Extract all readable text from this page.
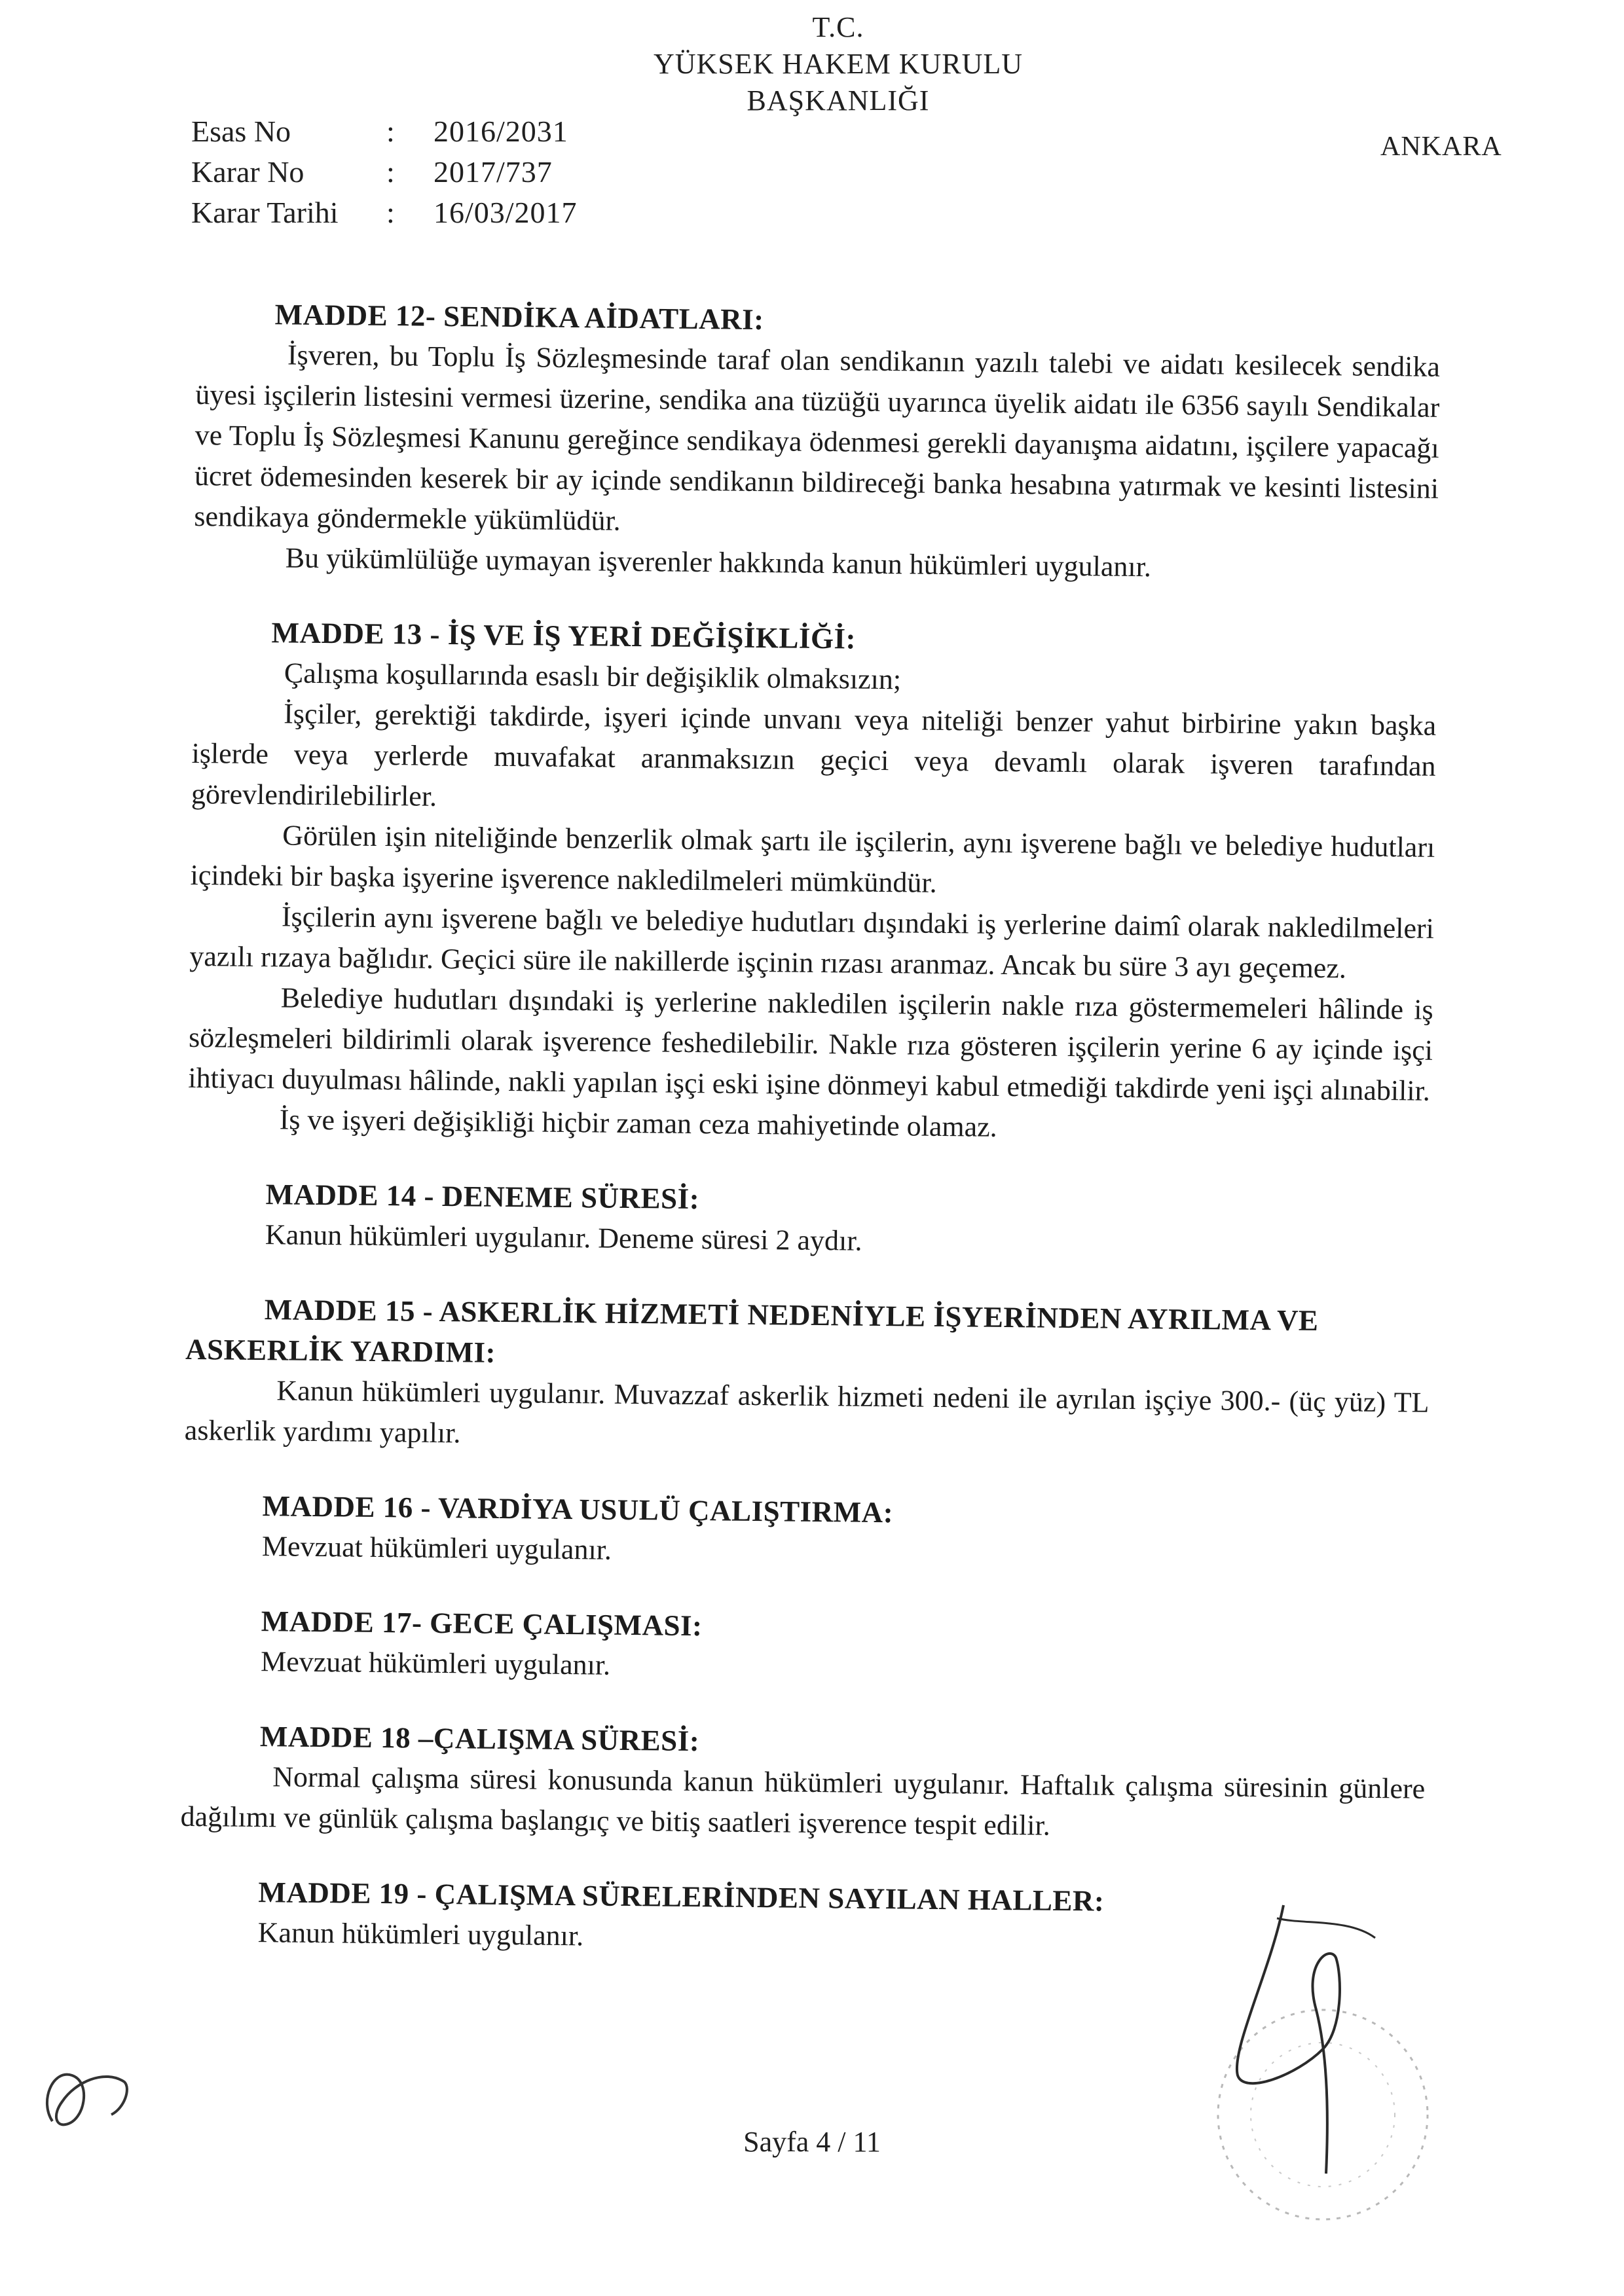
T.C.
YÜKSEK HAKEM KURULU
BAŞKANLIĞI
Esas No	:	2016/2031
Karar No	:	2017/737
Karar Tarihi	:	16/03/2017
ANKARA

MADDE 12- SENDİKA AİDATLARI:

İşveren, bu Toplu İş Sözleşmesinde taraf olan sendikanın yazılı talebi ve aidatı kesilecek sendika üyesi işçilerin listesini vermesi üzerine, sendika ana tüzüğü uyarınca üyelik aidatı ile 6356 sayılı Sendikalar ve Toplu İş Sözleşmesi Kanunu gereğince sendikaya ödenmesi gerekli dayanışma aidatını, işçilere yapacağı ücret ödemesinden keserek bir ay içinde sendikanın bildireceği banka hesabına yatırmak ve kesinti listesini sendikaya göndermekle yükümlüdür.

Bu yükümlülüğe uymayan işverenler hakkında kanun hükümleri uygulanır.

MADDE 13 - İŞ VE İŞ YERİ DEĞİŞİKLİĞİ:

Çalışma koşullarında esaslı bir değişiklik olmaksızın;

İşçiler, gerektiği takdirde, işyeri içinde unvanı veya niteliği benzer yahut birbirine yakın başka işlerde veya yerlerde muvafakat aranmaksızın geçici veya devamlı olarak işveren tarafından görevlendirilebilirler.

Görülen işin niteliğinde benzerlik olmak şartı ile işçilerin, aynı işverene bağlı ve belediye hudutları içindeki bir başka işyerine işverence nakledilmeleri mümkündür.

İşçilerin aynı işverene bağlı ve belediye hudutları dışındaki iş yerlerine daimî olarak nakledilmeleri yazılı rızaya bağlıdır. Geçici süre ile nakillerde işçinin rızası aranmaz. Ancak bu süre 3 ayı geçemez.

Belediye hudutları dışındaki iş yerlerine nakledilen işçilerin nakle rıza göstermemeleri hâlinde iş sözleşmeleri bildirimli olarak işverence feshedilebilir. Nakle rıza gösteren işçilerin yerine 6 ay içinde işçi ihtiyacı duyulması hâlinde, nakli yapılan işçi eski işine dönmeyi kabul etmediği takdirde yeni işçi alınabilir.

İş ve işyeri değişikliği hiçbir zaman ceza mahiyetinde olamaz.

MADDE 14 - DENEME SÜRESİ:

Kanun hükümleri uygulanır. Deneme süresi 2 aydır.

MADDE 15 - ASKERLİK HİZMETİ NEDENİYLE İŞYERİNDEN AYRILMA VE ASKERLİK YARDIMI:

Kanun hükümleri uygulanır. Muvazzaf askerlik hizmeti nedeni ile ayrılan işçiye 300.- (üç yüz) TL askerlik yardımı yapılır.

MADDE 16 - VARDİYA USULÜ ÇALIŞTIRMA:

Mevzuat hükümleri uygulanır.

MADDE 17- GECE ÇALIŞMASI:

Mevzuat hükümleri uygulanır.

MADDE 18 –ÇALIŞMA SÜRESİ:

Normal çalışma süresi konusunda kanun hükümleri uygulanır. Haftalık çalışma süresinin günlere dağılımı ve günlük çalışma başlangıç ve bitiş saatleri işverence tespit edilir.

MADDE 19 - ÇALIŞMA SÜRELERİNDEN SAYILAN HALLER:

Kanun hükümleri uygulanır.

Sayfa 4 / 11
